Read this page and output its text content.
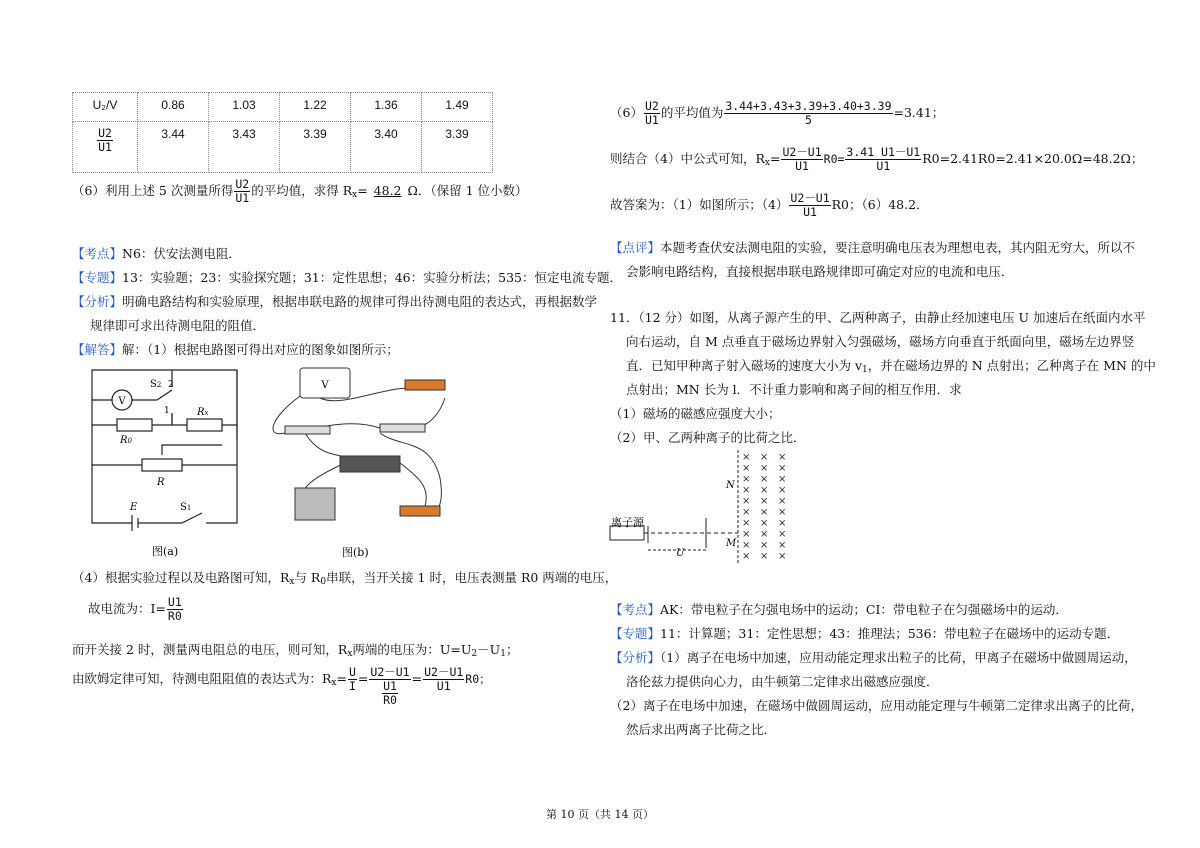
U₂/V	0.86	1.03	1.22	1.36	1.49

$\frac{U2}{U1}$	3.44	3.43	3.39	3.40	3.39
（6）利用上述 5 次测量所得 $\frac{U2}{U1}$ 的平均值，求得 $R_x= 48.2$ Ω．（保留 1 位小数）
【考点】N6：伏安法测电阻．
【专题】13：实验题；23：实验探究题；31：定性思想；46：实验分析法；535：恒定电流专题．
【分析】明确电路结构和实验原理，根据串联电路的规律可得出待测电阻的表达式，再根据数学
规律即可求出待测电阻的阻值．
【解答】解：（1）根据电路图可得出对应的图象如图所示；
V
S2 2
1	Rx
R0
R
E	S1
图(a)
V
图(b)
（4）根据实验过程以及电路图可知，$R_x$与 $R_0$串联，当开关接 1 时，电压表测量 R0 两端的电压，
故电流为：$I= \frac{U1}{R0}$
而开关接 2 时，测量两电阻总的电压，则可知，$R_x$两端的电压为：$U=U_2-U_1$；
由欧姆定律可知，待测电阻阻值的表达式为：$R_x= \frac{U}{I} = \frac{U2-U1}{\frac{U1}{R0}} = \frac{U2-U1}{U1} R0$；
$(6) \frac{U2}{U1}$ 的平均值为 $\frac{3.44+3.43+3.39+3.40+3.39}{5} =3.41$；
则结合（4）中公式可知，$R_x= \frac{U2-U1}{U1} R0= \frac{3.41 U1-U1}{U1} R0=2.41R0=2.41\times 20.0\Omega=48.2\Omega$；
故答案为：（1）如图所示；$(4) \frac{U2-U1}{U1} R0$；（6）48.2．
【点评】本题考查伏安法测电阻的实验，要注意明确电压表为理想电表，其内阻无穷大，所以不
会影响电路结构，直接根据串联电路规律即可确定对应的电流和电压．
11．（12 分）如图，从离子源产生的甲、乙两种离子，由静止经加速电压 U 加速后在纸面内水平
向右运动，自 M 点垂直于磁场边界射入匀强磁场，磁场方向垂直于纸面向里，磁场左边界竖
直．已知甲种离子射入磁场的速度大小为 $v_1$，并在磁场边界的 N 点射出；乙种离子在 MN 的中
点射出；MN 长为 l．不计重力影响和离子间的相互作用．求
（1）磁场的磁感应强度大小；
（2）甲、乙两种离子的比荷之比．
离子源
U
N
M
× × ×
× × ×
× × ×
× × ×
× × ×
× × ×
× × ×
× × ×
× × ×
× × ×
【考点】AK：带电粒子在匀强电场中的运动；CI：带电粒子在匀强磁场中的运动．
【专题】11：计算题；31：定性思想；43：推理法；536：带电粒子在磁场中的运动专题．
【分析】（1）离子在电场中加速，应用动能定理求出粒子的比荷，甲离子在磁场中做圆周运动，
洛伦兹力提供向心力，由牛顿第二定律求出磁感应强度．
（2）离子在电场中加速，在磁场中做圆周运动，应用动能定理与牛顿第二定律求出离子的比荷，
然后求出两离子比荷之比．
第 10 页（共 14 页）
